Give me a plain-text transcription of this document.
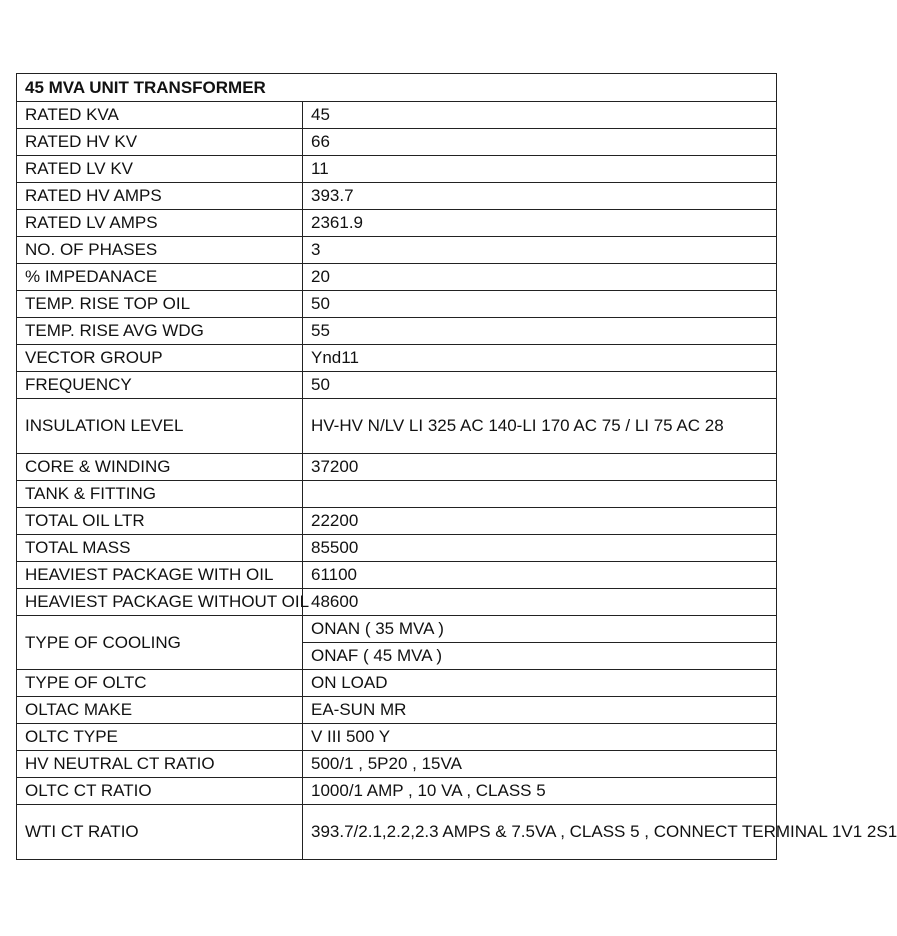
45 MVA UNIT TRANSFORMER	
RATED KVA	45
RATED HV KV	66
RATED LV KV	11
RATED HV AMPS	393.7
RATED LV AMPS	2361.9
NO. OF PHASES	3
% IMPEDANACE	20
TEMP. RISE TOP OIL	50
TEMP. RISE AVG WDG	55
VECTOR GROUP	Ynd11
FREQUENCY	50
INSULATION LEVEL	HV-HV N/LV LI 325 AC 140-LI 170 AC 75 / LI 75 AC 28
CORE & WINDING	37200
TANK & FITTING	
TOTAL OIL LTR	22200
TOTAL MASS	85500
HEAVIEST PACKAGE WITH OIL	61100
HEAVIEST PACKAGE WITHOUT OIL	48600
TYPE OF COOLING	ONAN ( 35 MVA )
	ONAF ( 45 MVA )
TYPE OF OLTC	ON LOAD
OLTAC MAKE	EA-SUN MR
OLTC TYPE	V III 500 Y
HV NEUTRAL CT RATIO	500/1 , 5P20 , 15VA
OLTC CT RATIO	1000/1 AMP , 10 VA , CLASS 5
WTI CT RATIO	393.7/2.1,2.2,2.3 AMPS & 7.5VA , CLASS 5 , CONNECT TERMINAL 1V1 2S1
